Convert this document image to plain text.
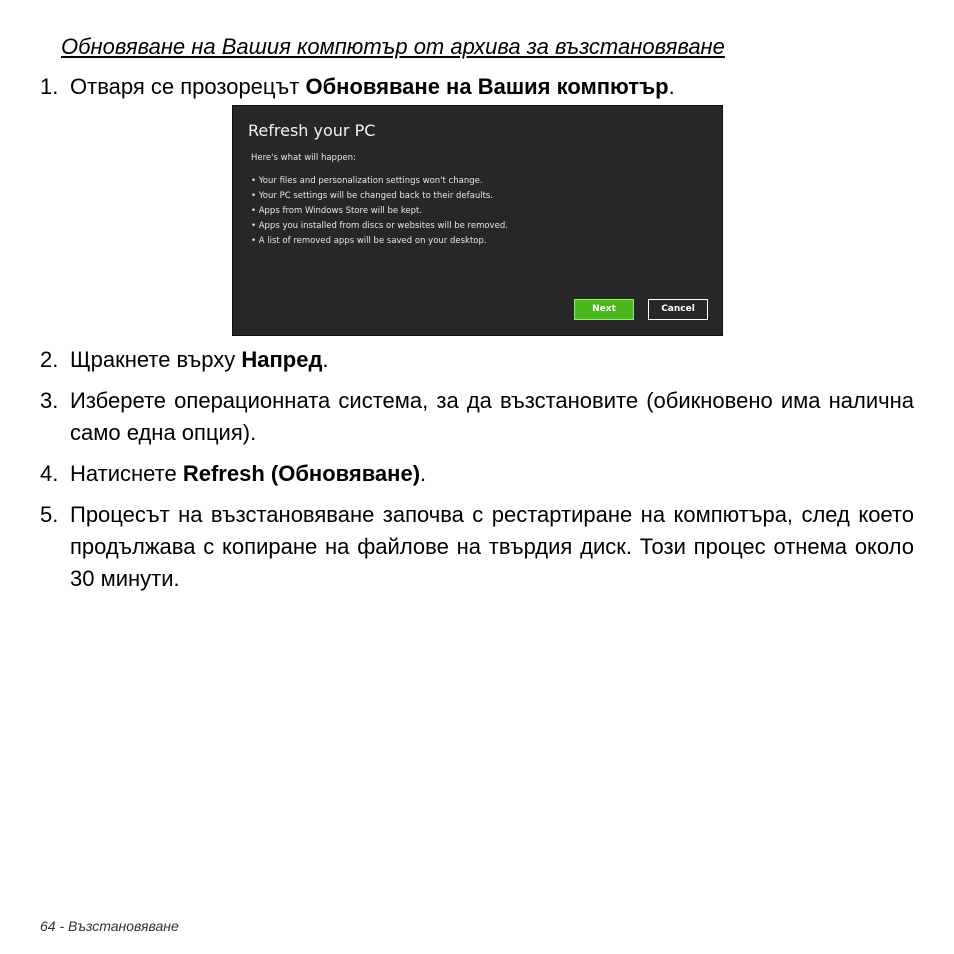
Обновяване на Вашия компютър от архива за възстановяване
1. Отваря се прозорецът Обновяване на Вашия компютър.
Refresh your PC
Here's what will happen:
• Your files and personalization settings won't change.
• Your PC settings will be changed back to their defaults.
• Apps from Windows Store will be kept.
• Apps you installed from discs or websites will be removed.
• A list of removed apps will be saved on your desktop.
Next	Cancel
2. Щракнете върху Напред.
3. Изберете операционната система, за да възстановите (обикновено има налична само една опция).
4. Натиснете Refresh (Обновяване).
5. Процесът на възстановяване започва с рестартиране на компютъра, след което продължава с копиране на файлове на твърдия диск. Този процес отнема около 30 минути.
64 - Възстановяване
